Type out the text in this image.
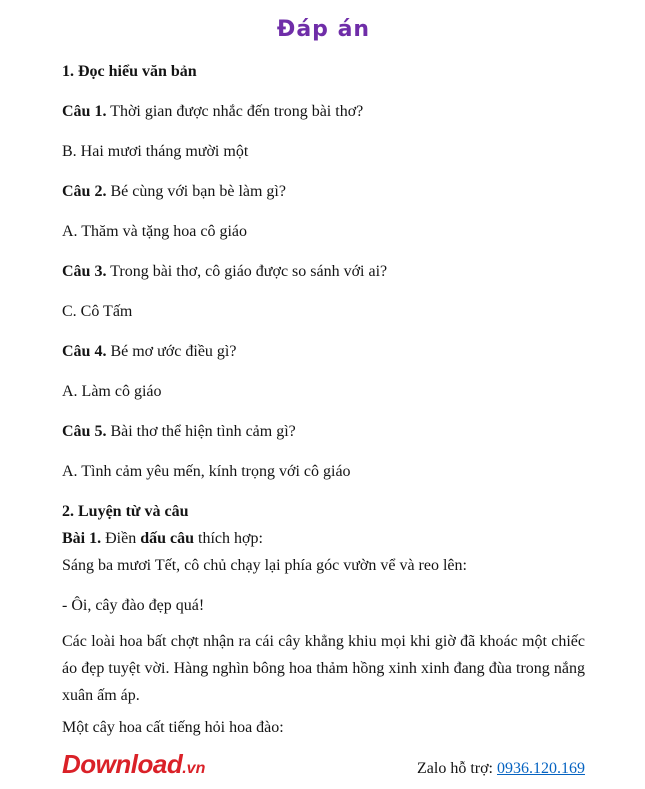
Đáp án
1. Đọc hiểu văn bản
Câu 1. Thời gian được nhắc đến trong bài thơ?
B. Hai mươi tháng mười một
Câu 2. Bé cùng với bạn bè làm gì?
A. Thăm và tặng hoa cô giáo
Câu 3. Trong bài thơ, cô giáo được so sánh với ai?
C. Cô Tấm
Câu 4. Bé mơ ước điều gì?
A. Làm cô giáo
Câu 5. Bài thơ thể hiện tình cảm gì?
A. Tình cảm yêu mến, kính trọng với cô giáo
2. Luyện từ và câu
Bài 1. Điền dấu câu thích hợp:
Sáng ba mươi Tết, cô chủ chạy lại phía góc vườn vể và reo lên:
- Ôi, cây đào đẹp quá!
Các loài hoa bất chợt nhận ra cái cây khẳng khiu mọi khi giờ đã khoác một chiếc
áo đẹp tuyệt vời. Hàng nghìn bông hoa thảm hồng xinh xinh đang đùa trong nắng
xuân ấm áp.
Một cây hoa cất tiếng hỏi hoa đào:
Download.vn	Zalo hỗ trợ: 0936.120.169
